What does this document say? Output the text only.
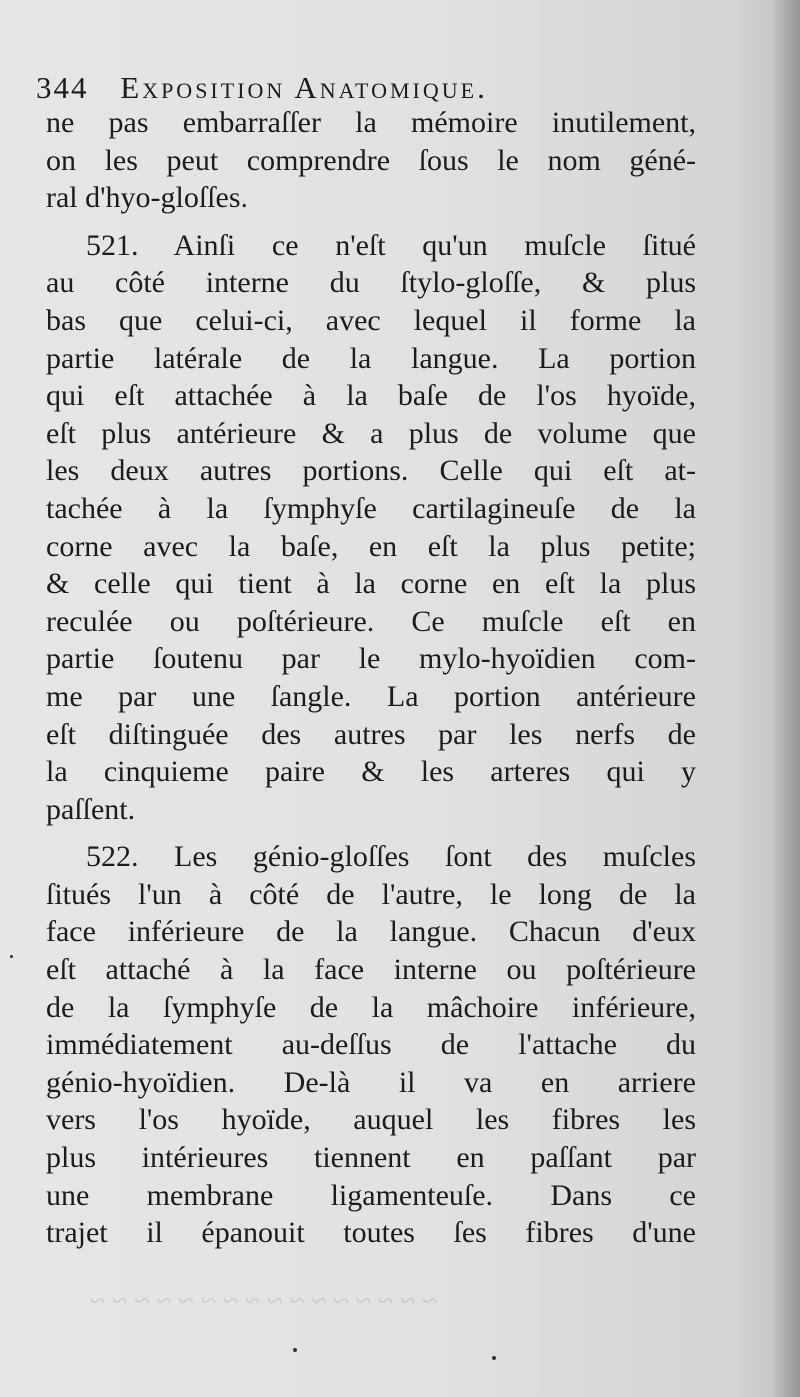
~ ~ ~ ~ ~ ~ ~ ~ ~ ~ ~ ~ ~ ~ ~ ~
344 Exposition Anatomique.
ne pas embarraſſer la mémoire inutilement,
on les peut comprendre ſous le nom géné-
ral d'hyo-gloſſes.
521. Ainſi ce n'eſt qu'un muſcle ſitué
au côté interne du ſtylo-gloſſe, & plus
bas que celui-ci, avec lequel il forme la
partie latérale de la langue. La portion
qui eſt attachée à la baſe de l'os hyoïde,
eſt plus antérieure & a plus de volume que
les deux autres portions. Celle qui eſt at-
tachée à la ſymphyſe cartilagineuſe de la
corne avec la baſe, en eſt la plus petite;
& celle qui tient à la corne en eſt la plus
reculée ou poſtérieure. Ce muſcle eſt en
partie ſoutenu par le mylo-hyoïdien com-
me par une ſangle. La portion antérieure
eſt diſtinguée des autres par les nerfs de
la cinquieme paire & les arteres qui y
paſſent.
522. Les génio-gloſſes ſont des muſcles
ſitués l'un à côté de l'autre, le long de la
face inférieure de la langue. Chacun d'eux
eſt attaché à la face interne ou poſtérieure
de la ſymphyſe de la mâchoire inférieure,
immédiatement au-deſſus de l'attache du
génio-hyoïdien. De-là il va en arriere
vers l'os hyoïde, auquel les fibres les
plus intérieures tiennent en paſſant par
une membrane ligamenteuſe. Dans ce
trajet il épanouit toutes ſes fibres d'une
